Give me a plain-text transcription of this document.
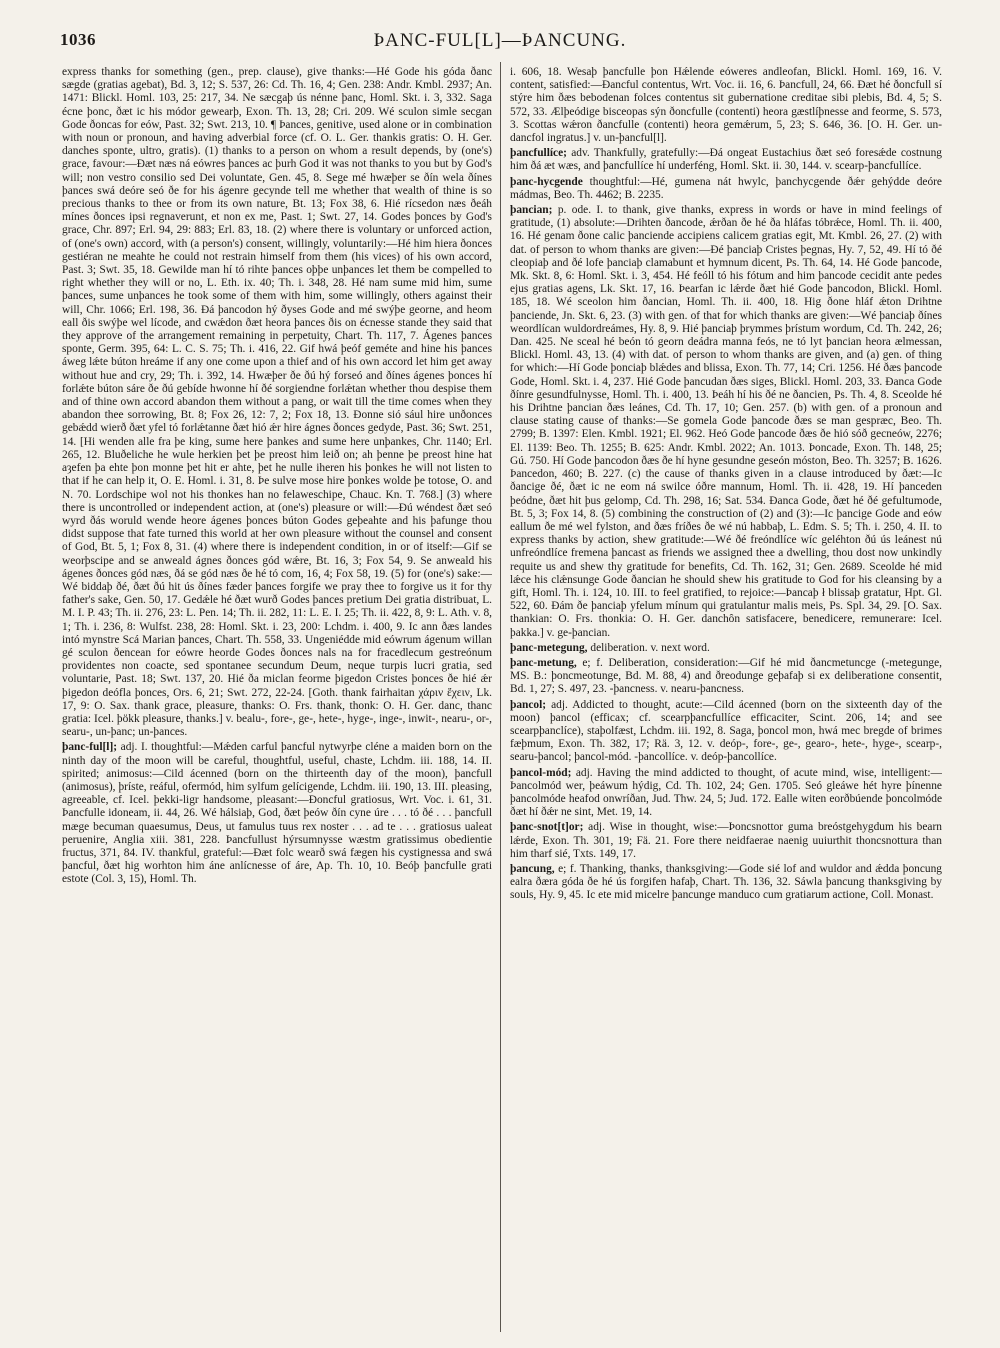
1036	ÞANC-FUL[L]—ÞANCUNG.

express thanks for something (gen., prep. clause), give thanks:—Hé Gode his góda ðanc sægde (gratias agebat), Bd. 3, 12; S. 537, 26: Cd. Th. 16, 4; Gen. 238: Andr. Kmbl. 2937; An. 1471: Blickl. Homl. 103, 25: 217, 34. Ne sæcgaþ ús nénne þanc, Homl. Skt. i. 3, 332. Saga écne þonc, ðæt ic his módor gewearþ, Exon. Th. 13, 28; Cri. 209. Wé sculon simle secgan Gode ðoncas for eów, Past. 32; Swt. 213, 10. ¶ Þances, genitive, used alone or in combination with noun or pronoun, and having adverbial force (cf. O. L. Ger. thankis gratis: O. H. Ger. danches sponte, ultro, gratis). (1) thanks to a person on whom a result depends, by (one's) grace, favour:—Ðæt næs ná eówres þances ac þurh God it was not thanks to you but by God's will; non vestro consilio sed Dei voluntate, Gen. 45, 8. Sege mé hwæþer se ðín wela ðínes þances swá deóre seó ðe for his ágenre gecynde tell me whether that wealth of thine is so precious thanks to thee or from its own nature, Bt. 13; Fox 38, 6. Hié rícsedon næs ðeáh mínes ðonces ipsi regnaverunt, et non ex me, Past. 1; Swt. 27, 14. Godes þonces by God's grace, Chr. 897; Erl. 94, 29: 883; Erl. 83, 18. (2) where there is voluntary or unforced action, of (one's own) accord, with (a person's) consent, willingly, voluntarily:—Hé him hiera ðonces gestiéran ne meahte he could not restrain himself from them (his vices) of his own accord, Past. 3; Swt. 35, 18. Gewilde man hí tó rihte þances oþþe unþances let them be compelled to right whether they will or no, L. Eth. ix. 40; Th. i. 348, 28. Hé nam sume mid him, sume þances, sume unþances he took some of them with him, some willingly, others against their will, Chr. 1066; Erl. 198, 36. Ðá þancodon hý ðyses Gode and mé swýþe georne, and heom eall ðis swýþe wel lícode, and cwǽdon ðæt heora þances ðis on écnesse stande they said that they approve of the arrangement remaining in perpetuity, Chart. Th. 117, 7. Ágenes þances sponte, Germ. 395, 64: L. C. S. 75; Th. i. 416, 22. Gif hwá þeóf geméte and hine his þances áweg lǽte búton hreáme if any one come upon a thief and of his own accord let him get away without hue and cry, 29; Th. i. 392, 14. Hwæþer ðe ðú hý forseó and ðínes ágenes þonces hí forlǽte búton sáre ðe ðú gebíde hwonne hí ðé sorgiendne forlǽtan whether thou despise them and of thine own accord abandon them without a pang, or wait till the time comes when they abandon thee sorrowing, Bt. 8; Fox 26, 12: 7, 2; Fox 18, 13. Ðonne sió sául hire unðonces gebǽdd wierð ðæt yfel tó forlǽtanne ðæt hió ǽr hire ágnes ðonces gedyde, Past. 36; Swt. 251, 14. [Hi wenden alle fra þe king, sume here þankes and sume here unþankes, Chr. 1140; Erl. 265, 12. Bluðeliche he wule herkien þet þe preost him leið on; ah þenne þe preost hine hat aȝefen þa ehte þon monne þet hit er ahte, þet he nulle iheren his þonkes he will not listen to that if he can help it, O. E. Homl. i. 31, 8. Þe sulve mose hire þonkes wolde þe totose, O. and N. 70. Lordschipe wol not his thonkes han no felaweschipe, Chauc. Kn. T. 768.] (3) where there is uncontrolled or independent action, at (one's) pleasure or will:—Ðú wéndest ðæt seó wyrd ðás woruld wende heore ágenes þonces búton Godes geþeahte and his þafunge thou didst suppose that fate turned this world at her own pleasure without the counsel and consent of God, Bt. 5, 1; Fox 8, 31. (4) where there is independent condition, in or of itself:—Gif se weorþscipe and se anweald ágnes ðonces gód wǽre, Bt. 16, 3; Fox 54, 9. Se anweald his ágenes ðonces gód næs, ðá se gód næs ðe hé tó com, 16, 4; Fox 58, 19. (5) for (one's) sake:—Wé biddaþ ðé, ðæt ðú hit ús ðínes fæder þances forgife we pray thee to forgive us it for thy father's sake, Gen. 50, 17. Gedǽle hé ðæt wurð Godes þances pretium Dei gratia distribuat, L. M. I. P. 43; Th. ii. 276, 23: L. Pen. 14; Th. ii. 282, 11: L. E. I. 25; Th. ii. 422, 8, 9: L. Ath. v. 8, 1; Th. i. 236, 8: Wulfst. 238, 28: Homl. Skt. i. 23, 200: Lchdm. i. 400, 9. Ic ann ðæs landes intó mynstre Scá Marian þances, Chart. Th. 558, 33. Ungeniédde mid eówrum ágenum willan gé sculon ðencean for eówre heorde Godes ðonces nals na for fracedlecum gestreónum providentes non coacte, sed spontanee secundum Deum, neque turpis lucri gratia, sed voluntarie, Past. 18; Swt. 137, 20. Hié ða miclan feorme þigedon Cristes þonces ðe hié ǽr þigedon deófla þonces, Ors. 6, 21; Swt. 272, 22-24. [Goth. thank fairhaitan χάριν ἔχειν, Lk. 17, 9: O. Sax. thank grace, pleasure, thanks: O. Frs. thank, thonk: O. H. Ger. danc, thanc gratia: Icel. þökk pleasure, thanks.] v. bealu-, fore-, ge-, hete-, hyge-, inge-, inwit-, nearu-, or-, searu-, un-þanc; un-þances.

þanc-ful[l]; adj. I. thoughtful:—Mǽden carful þancful nytwyrþe cléne a maiden born on the ninth day of the moon will be careful, thoughtful, useful, chaste, Lchdm. iii. 188, 14. II. spirited; animosus:—Cild ácenned (born on the thirteenth day of the moon), þancfull (animosus), þríste, reáful, ofermód, him sylfum gelícigende, Lchdm. iii. 190, 13. III. pleasing, agreeable, cf. Icel. þekki-ligr handsome, pleasant:—Ðoncful gratiosus, Wrt. Voc. i. 61, 31. Þancfulle idoneam, ii. 44, 26. Wé hálsiaþ, God, ðæt þeów ðín cyne úre . . . tó ðé . . . þancfull mæge becuman quaesumus, Deus, ut famulus tuus rex noster . . . ad te . . . gratiosus ualeat peruenire, Anglia xiii. 381, 228. Þancfullust hýrsumnysse wæstm gratissimus obedientie fructus, 371, 84. IV. thankful, grateful:—Ðæt folc wearð swá fægen his cystignessa and swá þancful, ðæt hig worhton him áne anlícnesse of áre, Ap. Th. 10, 10. Beóþ þancfulle grati estote (Col. 3, 15), Homl. Th.

i. 606, 18. Wesaþ þancfulle þon Hǽlende eóweres andleofan, Blickl. Homl. 169, 16. V. content, satisfied:—Ðancful contentus, Wrt. Voc. ii. 16, 6. Þancfull, 24, 66. Ðæt hé ðoncfull sí stýre him ðæs bebodenan folces contentus sit gubernatione creditae sibi plebis, Bd. 4, 5; S. 572, 33. Ælþeódige bisceopas sýn ðoncfulle (contenti) heora gæstlíþnesse and feorme, S. 573, 3. Scottas wǽron ðancfulle (contenti) heora gemǽrum, 5, 23; S. 646, 36. [O. H. Ger. un-dancfol ingratus.] v. un-þancful[l].

þancfullíce; adv. Thankfully, gratefully:—Ðá ongeat Eustachius ðæt seó foresǽde costnung him ðá æt wæs, and þancfullíce hí underféng, Homl. Skt. ii. 30, 144. v. scearp-þancfullíce.

þanc-hycgende thoughtful:—Hé, gumena nát hwylc, þanchycgende ðǽr gehýdde deóre mádmas, Beo. Th. 4462; B. 2235.

þancian; p. ode. I. to thank, give thanks, express in words or have in mind feelings of gratitude, (1) absolute:—Drihten ðancode, ǽrðan ðe hé ða hláfas tóbrǽce, Homl. Th. ii. 400, 16. Hé genam ðone calic þanciende accipiens calicem gratias egit, Mt. Kmbl. 26, 27. (2) with dat. of person to whom thanks are given:—Ðé þanciaþ Cristes þegnas, Hy. 7, 52, 49. Hí tó ðé cleopiaþ and ðé lofe þanciaþ clamabunt et hymnum dicent, Ps. Th. 64, 14. Hé Gode þancode, Mk. Skt. 8, 6: Homl. Skt. i. 3, 454. Hé feóll tó his fótum and him þancode cecidit ante pedes ejus gratias agens, Lk. Skt. 17, 16. Þearfan ic lǽrde ðæt hié Gode þancodon, Blickl. Homl. 185, 18. Wé sceolon him ðancian, Homl. Th. ii. 400, 18. Hig ðone hláf ǽton Drihtne þanciende, Jn. Skt. 6, 23. (3) with gen. of that for which thanks are given:—Wé þanciaþ ðínes weordlícan wuldordreámes, Hy. 8, 9. Hié þanciaþ þrymmes þrístum wordum, Cd. Th. 242, 26; Dan. 425. Ne sceal hé beón tó georn deádra manna feós, ne tó lyt þancian heora ælmessan, Blickl. Homl. 43, 13. (4) with dat. of person to whom thanks are given, and (a) gen. of thing for which:—Hí Gode þonciaþ blǽdes and blissa, Exon. Th. 77, 14; Cri. 1256. Hé ðæs þancode Gode, Homl. Skt. i. 4, 237. Hié Gode þancudan ðæs siges, Blickl. Homl. 203, 33. Ðanca Gode ðínre gesundfulnysse, Homl. Th. i. 400, 13. Þeáh hí his ðé ne ðancien, Ps. Th. 4, 8. Sceolde hé his Drihtne þancian ðæs leánes, Cd. Th. 17, 10; Gen. 257. (b) with gen. of a pronoun and clause stating cause of thanks:—Se gomela Gode þancode ðæs se man gespræc, Beo. Th. 2799; B. 1397: Elen. Kmbl. 1921; El. 962. Heó Gode þancode ðæs ðe hió sóð gecneów, 2276; El. 1139: Beo. Th. 1255; B. 625: Andr. Kmbl. 2022; An. 1013. Þoncade, Exon. Th. 148, 25; Gú. 750. Hí Gode þancodon ðæs ðe hí hyne gesundne geseón móston, Beo. Th. 3257; B. 1626. Þancedon, 460; B. 227. (c) the cause of thanks given in a clause introduced by ðæt:—Ic ðancige ðé, ðæt ic ne eom ná swilce óðre mannum, Homl. Th. ii. 428, 19. Hí þanceden þeódne, ðæt hit þus gelomp, Cd. Th. 298, 16; Sat. 534. Ðanca Gode, ðæt hé ðé gefultumode, Bt. 5, 3; Fox 14, 8. (5) combining the construction of (2) and (3):—Ic þancige Gode and eów eallum ðe mé wel fylston, and ðæs fríðes ðe wé nú habbaþ, L. Edm. S. 5; Th. i. 250, 4. II. to express thanks by action, shew gratitude:—Wé ðé freóndlíce wíc geléhton ðú ús leánest nú unfreóndlíce fremena þancast as friends we assigned thee a dwelling, thou dost now unkindly requite us and shew thy gratitude for benefits, Cd. Th. 162, 31; Gen. 2689. Sceolde hé mid lǽce his clǽnsunge Gode ðancian he should shew his gratitude to God for his cleansing by a gift, Homl. Th. i. 124, 10. III. to feel gratified, to rejoice:—Þancaþ ł blissaþ gratatur, Hpt. Gl. 522, 60. Ðám ðe þanciaþ yfelum mínum qui gratulantur malis meis, Ps. Spl. 34, 29. [O. Sax. thankian: O. Frs. thonkia: O. H. Ger. danchôn satisfacere, benedicere, remunerare: Icel. þakka.] v. ge-þancian.

þanc-metegung, deliberation. v. next word.

þanc-metung, e; f. Deliberation, consideration:—Gif hé mid ðancmetuncge (-metegunge, MS. B.: þoncmeotunge, Bd. M. 88, 4) and ðreodunge geþafaþ si ex deliberatione consentit, Bd. 1, 27; S. 497, 23. -þancness. v. nearu-þancness.

þancol; adj. Addicted to thought, acute:—Cild ácenned (born on the sixteenth day of the moon) þancol (efficax; cf. scearpþancfullíce efficaciter, Scint. 206, 14; and see scearpþanclíce), staþolfæst, Lchdm. iii. 192, 8. Saga, þoncol mon, hwá mec bregde of brimes fæþmum, Exon. Th. 382, 17; Rä. 3, 12. v. deóp-, fore-, ge-, gearo-, hete-, hyge-, scearp-, searu-þancol; þancol-mód. -þancollíce. v. deóp-þancollíce.

þancol-mód; adj. Having the mind addicted to thought, of acute mind, wise, intelligent:—Þancolmód wer, þeáwum hýdig, Cd. Th. 102, 24; Gen. 1705. Seó gleáwe hét hyre þínenne þancolmóde heafod onwríðan, Jud. Thw. 24, 5; Jud. 172. Ealle witen eorðbúende þoncolmóde ðæt hí ðǽr ne sint, Met. 19, 14.

þanc-snot[t]or; adj. Wise in thought, wise:—Þoncsnottor guma breóstgehygdum his bearn lǽrde, Exon. Th. 301, 19; Fä. 21. Fore there neidfaerae naenig uuiurthit thoncsnottura than him tharf sié, Txts. 149, 17.

þancung, e; f. Thanking, thanks, thanksgiving:—Gode sié lof and wuldor and ǽdda þoncung ealra ðæra góda ðe hé ús forgifen hafaþ, Chart. Th. 136, 32. Sáwla þancung thanksgiving by souls, Hy. 9, 45. Ic ete mid micelre þancunge manduco cum gratiarum actione, Coll. Monast.
